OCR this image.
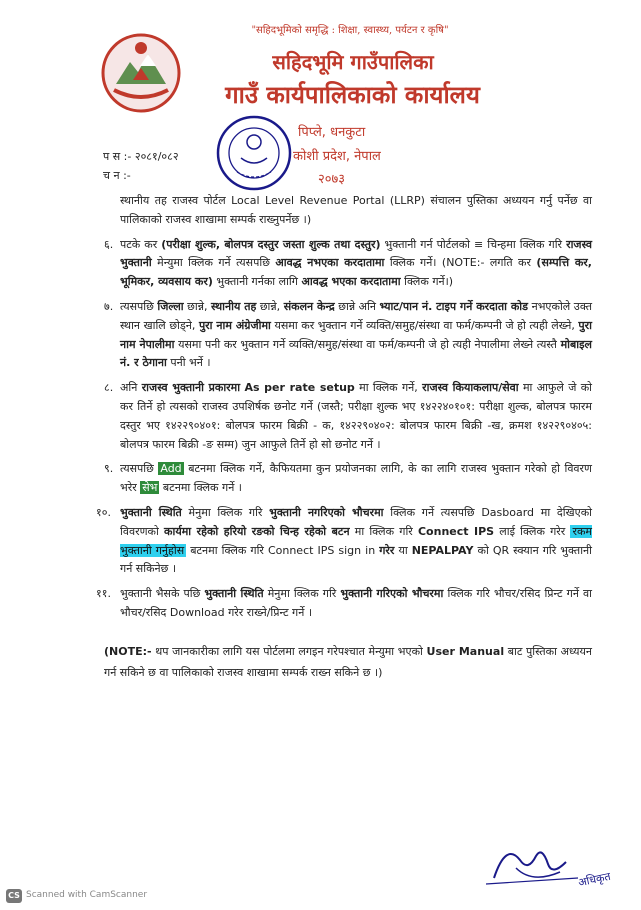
"सहिदभूमिको समृद्धि : शिक्षा, स्वास्थ्य, पर्यटन र कृषि"
सहिदभूमि गाउँपालिका
गाउँ कार्यपालिकाको कार्यालय
पिप्ले, धनकुटा
कोशी प्रदेश, नेपाल
२०७३
प स :- २०८१/०८२
च न :-

स्थानीय तह राजस्व पोर्टल Local Level Revenue Portal (LLRP) संचालन पुस्तिका अध्ययन गर्नु पर्नेछ वा पालिकाको राजस्व शाखामा सम्पर्क राख्नुपर्नेछ ।)

६. पटके कर (परीक्षा शुल्क, बोलपत्र दस्तुर जस्ता शुल्क तथा दस्तुर) भुक्तानी गर्न पोर्टलको ≡ चिन्हमा क्लिक गरि राजस्व भुक्तानी मेन्युमा क्लिक गर्ने त्यसपछि आवद्ध नभएका करदातामा क्लिक गर्ने। (NOTE:- लगति कर (सम्पत्ति कर, भूमिकर, व्यवसाय कर) भुक्तानी गर्नका लागि आवद्ध भएका करदातामा क्लिक गर्ने।)

७. त्यसपछि जिल्ला छान्ने, स्थानीय तह छान्ने, संकलन केन्द्र छान्ने अनि भ्याट/पान नं. टाइप गर्ने करदाता कोड नभएकोले उक्त स्थान खालि छोड्ने, पुरा नाम अंग्रेजीमा यसमा कर भुक्तान गर्ने व्यक्ति/समुह/संस्था वा फर्म/कम्पनी जे हो त्यही लेख्ने, पुरा नाम नेपालीमा यसमा पनी कर भुक्तान गर्ने व्यक्ति/समुह/संस्था वा फर्म/कम्पनी जे हो त्यही नेपालीमा लेख्ने त्यस्तै मोबाइल नं. र ठेगाना पनी भर्ने ।

८. अनि राजस्व भुक्तानी प्रकारमा As per rate setup मा क्लिक गर्ने, राजस्व कियाकलाप/सेवा मा आफुले जे को कर तिर्ने हो त्यसको राजस्व उपशिर्षक छनोट गर्ने (जस्तै; परीक्षा शुल्क भए १४२२४०१०१: परीक्षा शुल्क, बोलपत्र फारम दस्तुर भए १४२२९०४०१: बोलपत्र फारम बिक्री - क, १४२२९०४०२: बोलपत्र फारम बिक्री -ख, क्रमश १४२२९०४०५: बोलपत्र फारम बिक्री -ङ सम्म) जुन आफुले तिर्ने हो सो छनोट गर्ने ।

९. त्यसपछि Add बटनमा क्लिक गर्ने, कैफियतमा कुन प्रयोजनका लागि, के का लागि राजस्व भुक्तान गरेको हो विवरण भरेर सेभ बटनमा क्लिक गर्ने ।

१०. भुक्तानी स्थिति मेनुमा क्लिक गरि भुक्तानी नगरिएको भौचरमा क्लिक गर्ने त्यसपछि Dasboard मा देखिएको विवरणको कार्यमा रहेको हरियो रङको चिन्ह रहेको बटन मा क्लिक गरि Connect IPS लाई क्लिक गरेर रकम भुक्तानी गर्नुहोस बटनमा क्लिक गरि Connect IPS sign in गरेर या NEPALPAY को QR स्क्यान गरि भुक्तानी गर्न सकिनेछ ।

११. भुक्तानी भैसके पछि भुक्तानी स्थिति मेनुमा क्लिक गरि भुक्तानी गरिएको भौचरमा क्लिक गरि भौचर/रसिद प्रिन्ट गर्ने वा भौचर/रसिद Download गरेर राख्ने/प्रिन्ट गर्ने ।

(NOTE:- थप जानकारीका लागि यस पोर्टलमा लगइन गरेपश्चात मेन्युमा भएको User Manual बाट पुस्तिका अध्ययन गर्न सकिने छ वा पालिकाको राजस्व शाखामा सम्पर्क राख्न सकिने छ ।)

अधिकृत
CS Scanned with CamScanner
